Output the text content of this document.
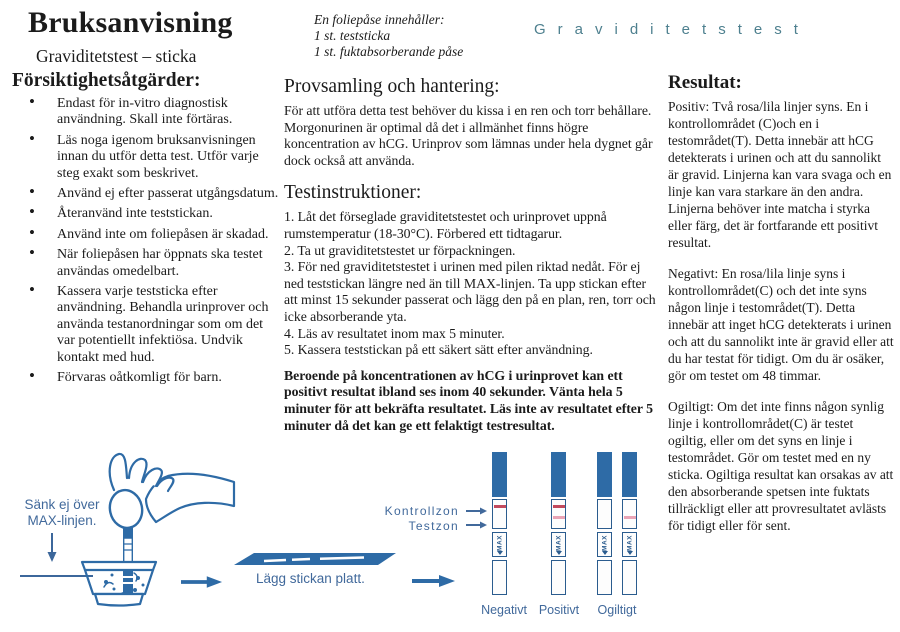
Bruksanvisning
Graviditetstest – sticka
En foliepåse innehåller:
1 st. teststicka
1 st. fuktabsorberande påse
Graviditetstest
Försiktighetsåtgärder:
• Endast för in-vitro diagnostisk användning. Skall inte förtäras.
• Läs noga igenom bruksanvisningen innan du utför detta test. Utför varje steg exakt som beskrivet.
• Använd ej efter passerat utgångsdatum.
• Återanvänd inte teststickan.
• Använd inte om foliepåsen är skadad.
• När foliepåsen har öppnats ska testet användas omedelbart.
• Kassera varje teststicka efter användning. Behandla urinprover och använda testanordningar som om det var potentiellt infektiösa. Undvik kontakt med hud.
• Förvaras oåtkomligt för barn.
Provsamling och hantering:

För att utföra detta test behöver du kissa i en ren och torr behållare. Morgonurinen är optimal då det i allmänhet finns högre koncentration av hCG. Urinprov som lämnas under hela dygnet går dock också att använda.

Testinstruktioner:

1. Låt det förseglade graviditetstestet och urinprovet uppnå rumstemperatur (18-30°C). Förbered ett tidtagarur.

2. Ta ut graviditetstestet ur förpackningen.

3. För ned graviditetstestet i urinen med pilen riktad nedåt. För ej ned teststickan längre ned än till MAX-linjen. Ta upp stickan efter att minst 15 sekunder passerat och lägg den på en plan, ren, torr och icke absorberande yta.

4. Läs av resultatet inom max 5 minuter.

5. Kassera teststickan på ett säkert sätt efter användning.

Beroende på koncentrationen av hCG i urinprovet kan ett positivt resultat ibland ses inom 40 sekunder. Vänta hela 5 minuter för att bekräfta resultatet. Läs inte av resultatet efter 5 minuter då det kan ge ett felaktigt testresultat.

Resultat:

Positiv: Två rosa/lila linjer syns. En i kontrollområdet (C)och en i testområdet(T). Detta innebär att hCG detekterats i urinen och att du sannolikt är gravid. Linjerna kan vara svaga och en linje kan vara starkare än den andra. Linjerna behöver inte matcha i styrka eller färg, det är fortfarande ett positivt resultat.

Negativt: En rosa/lila linje syns i kontrollområdet(C) och det inte syns någon linje i testområdet(T). Detta innebär att inget hCG detekterats i urinen och att du sannolikt inte är gravid eller att du har testat för tidigt. Om du är osäker, gör om testet om 48 timmar.

Ogiltigt: Om det inte finns någon synlig linje i kontrollområdet(C) är testet ogiltig, eller om det syns en linje i testområdet. Gör om testet med en ny sticka. Ogiltiga resultat kan orsakas av att den absorberande spetsen inte fuktats tillräckligt eller att provresultatet avlästs för tidigt eller för sent.

Sänk ej över MAX-linjen.
Lägg stickan platt.
Kontrollzon
Testzon
MAX	MAX	MAX	MAX
Negativt Positivt	Ogiltigt
